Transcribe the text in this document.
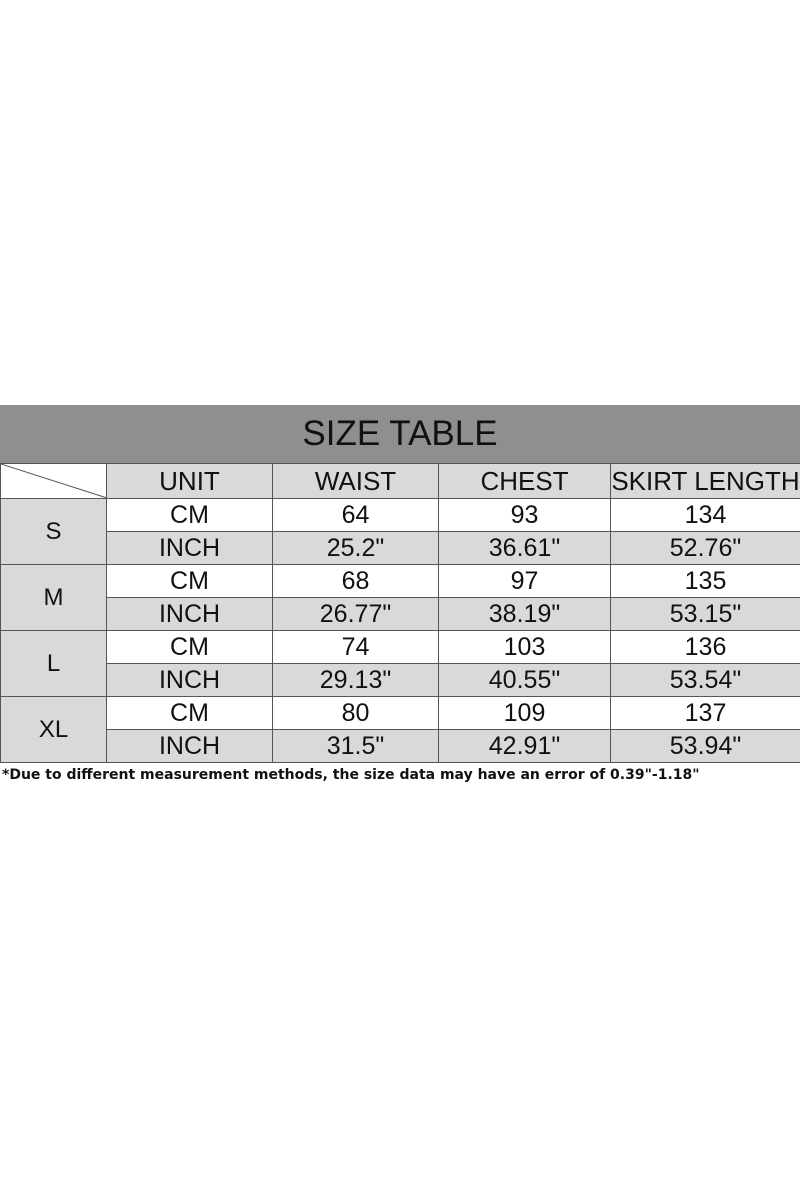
SIZE TABLE
	UNIT	WAIST	CHEST	SKIRT LENGTH
S	CM	64	93	134
	INCH	25.2"	36.61"	52.76"
M	CM	68	97	135
	INCH	26.77"	38.19"	53.15"
L	CM	74	103	136
	INCH	29.13"	40.55"	53.54"
XL	CM	80	109	137
	INCH	31.5"	42.91"	53.94"
*Due to different measurement methods, the size data may have an error of 0.39"-1.18"
